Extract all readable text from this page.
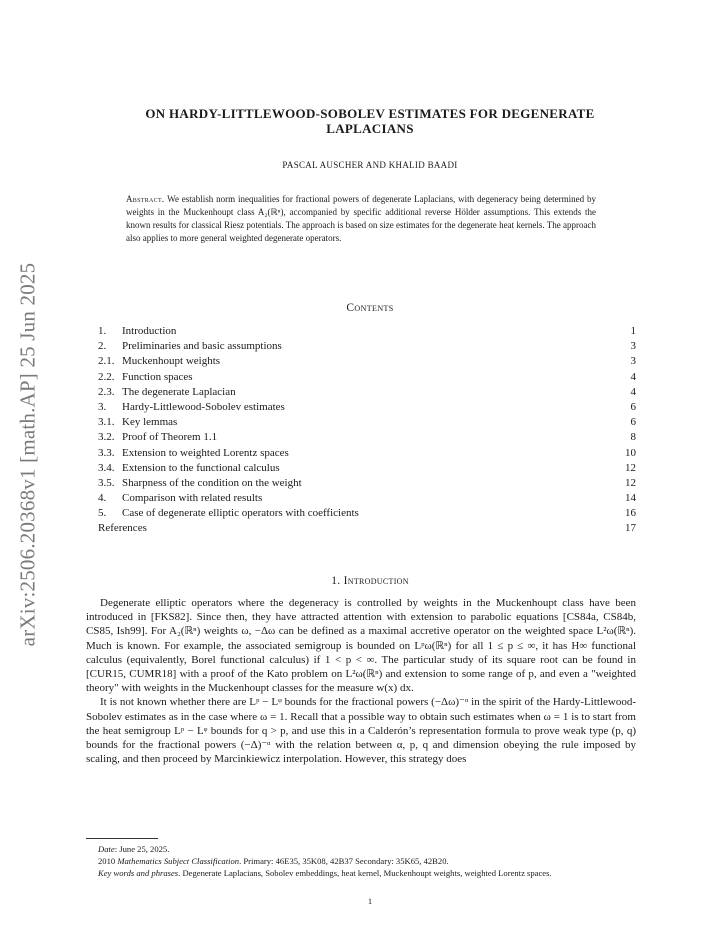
arXiv:2506.20368v1 [math.AP] 25 Jun 2025
ON HARDY-LITTLEWOOD-SOBOLEV ESTIMATES FOR DEGENERATE
LAPLACIANS
PASCAL AUSCHER AND KHALID BAADI
Abstract. We establish norm inequalities for fractional powers of degenerate Laplacians, with degeneracy being determined by weights in the Muckenhoupt class A₂(ℝⁿ), accompanied by specific additional reverse Hölder assumptions. This extends the known results for classical Riesz potentials. The approach is based on size estimates for the degenerate heat kernels. The approach also applies to more general weighted degenerate operators.
Contents
1. Introduction	1
2. Preliminaries and basic assumptions	3
2.1. Muckenhoupt weights	3
2.2. Function spaces	4
2.3. The degenerate Laplacian	4
3. Hardy-Littlewood-Sobolev estimates	6
3.1. Key lemmas	6
3.2. Proof of Theorem 1.1	8
3.3. Extension to weighted Lorentz spaces	10
3.4. Extension to the functional calculus	12
3.5. Sharpness of the condition on the weight	12
4. Comparison with related results	14
5. Case of degenerate elliptic operators with coefficients	16
References	17
1. Introduction

Degenerate elliptic operators where the degeneracy is controlled by weights in the Muckenhoupt class have been introduced in [FKS82]. Since then, they have attracted attention with extension to parabolic equations [CS84a, CS84b, CS85, Ish99]. For A₂(ℝⁿ) weights ω, −Δω can be defined as a maximal accretive operator on the weighted space L²ω(ℝⁿ). Much is known. For example, the associated semigroup is bounded on Lᵖω(ℝⁿ) for all 1 ≤ p ≤ ∞, it has H∞ functional calculus (equivalently, Borel functional calculus) if 1 < p < ∞. The particular study of its square root can be found in [CUR15, CUMR18] with a proof of the Kato problem on L²ω(ℝⁿ) and extension to some range of p, and even a "weighted theory" with weights in the Muckenhoupt classes for the measure w(x) dx.

It is not known whether there are Lᵖ − Lᵠ bounds for the fractional powers (−Δω)⁻ᵅ in the spirit of the Hardy-Littlewood-Sobolev estimates as in the case where ω = 1. Recall that a possible way to obtain such estimates when ω = 1 is to start from the heat semigroup Lᵖ − Lᵠ bounds for q > p, and use this in a Calderón’s representation formula to prove weak type (p, q) bounds for the fractional powers (−Δ)⁻ᵅ with the relation between α, p, q and dimension obeying the rule imposed by scaling, and then proceed by Marcinkiewicz interpolation. However, this strategy does

Date: June 25, 2025.
2010 Mathematics Subject Classification. Primary: 46E35, 35K08, 42B37 Secondary: 35K65, 42B20.
Key words and phrases. Degenerate Laplacians, Sobolev embeddings, heat kernel, Muckenhoupt weights, weighted Lorentz spaces.
1
